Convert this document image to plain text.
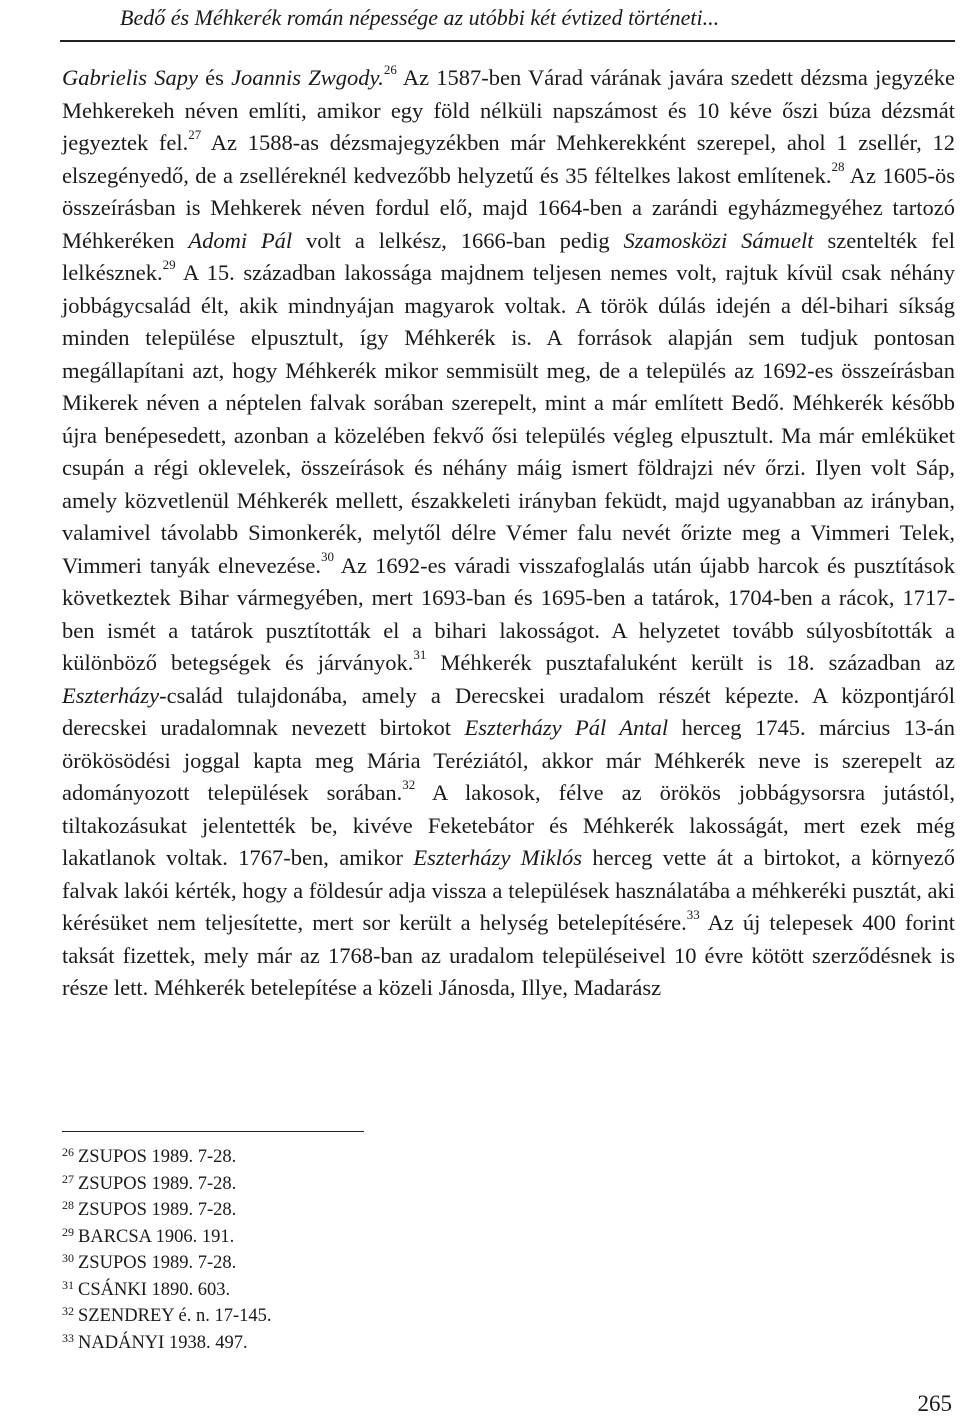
Bedő és Méhkerék román népessége az utóbbi két évtized történeti...

Gabrielis Sapy és Joannis Zwgody.$^{26}$ Az 1587-ben Várad várának javára szedett dézsma jegyzéke Mehkerekeh néven említi, amikor egy föld nélküli napszámost és 10 kéve őszi búza dézsmát jegyeztek fel.$^{27}$ Az 1588-as dézsmajegyzékben már Mehkerekként szerepel, ahol 1 zsellér, 12 elszegényedő, de a zselléreknél kedvezőbb helyzetű és 35 féltelkes lakost említenek.$^{28}$ Az 1605-ös összeírásban is Mehkerek néven fordul elő, majd 1664-ben a zarándi egyházmegyéhez tartozó Méhkeréken Adomi Pál volt a lelkész, 1666-ban pedig Szamosközi Sámuelt szentelték fel lelkésznek.$^{29}$ A 15. században lakossága majdnem teljesen nemes volt, rajtuk kívül csak néhány jobbágycsalád élt, akik mindnyájan magyarok voltak. A török dúlás idején a dél-bihari síkság minden települése elpusztult, így Méhkerék is. A források alapján sem tudjuk pontosan megállapítani azt, hogy Méhkerék mikor semmisült meg, de a település az 1692-es összeírásban Mikerek néven a néptelen falvak sorában szerepelt, mint a már említett Bedő. Méhkerék később újra benépesedett, azonban a közelében fekvő ősi település végleg elpusztult. Ma már emléküket csupán a régi oklevelek, összeírások és néhány máig ismert földrajzi név őrzi. Ilyen volt Sáp, amely közvetlenül Méhkerék mellett, északkeleti irányban feküdt, majd ugyanabban az irányban, valamivel távolabb Simonkerék, melytől délre Vémer falu nevét őrizte meg a Vimmeri Telek, Vimmeri tanyák elnevezése.$^{30}$ Az 1692-es váradi visszafoglalás után újabb harcok és pusztítások következtek Bihar vármegyében, mert 1693-ban és 1695-ben a tatárok, 1704-ben a rácok, 1717-ben ismét a tatárok pusztították el a bihari lakosságot. A helyzetet tovább súlyosbították a különböző betegségek és járványok.$^{31}$ Méhkerék pusztafaluként került is 18. században az Eszterházy-család tulajdonába, amely a Derecskei uradalom részét képezte. A központjáról derecskei uradalomnak nevezett birtokot Eszterházy Pál Antal herceg 1745. március 13-án örökösödési joggal kapta meg Mária Teréziától, akkor már Méhkerék neve is szerepelt az adományozott települések sorában.$^{32}$ A lakosok, félve az örökös jobbágysorsra jutástól, tiltakozásukat jelentették be, kivéve Feketebátor és Méhkerék lakosságát, mert ezek még lakatlanok voltak. 1767-ben, amikor Eszterházy Miklós herceg vette át a birtokot, a környező falvak lakói kérték, hogy a földesúr adja vissza a települések használatába a méhkeréki pusztát, aki kérésüket nem teljesítette, mert sor került a helység betelepítésére.$^{33}$ Az új telepesek 400 forint taksát fizettek, mely már az 1768-ban az uradalom településeivel 10 évre kötött szerződésnek is része lett. Méhkerék betelepítése a közeli Jánosda, Illye, Madarász

$^{26}$ ZSUPOS 1989. 7-28.
$^{27}$ ZSUPOS 1989. 7-28.
$^{28}$ ZSUPOS 1989. 7-28.
$^{29}$ BARCSA 1906. 191.
$^{30}$ ZSUPOS 1989. 7-28.
$^{31}$ CSÁNKI 1890. 603.
$^{32}$ SZENDREY é. n. 17-145.
$^{33}$ NADÁNYI 1938. 497.
265
